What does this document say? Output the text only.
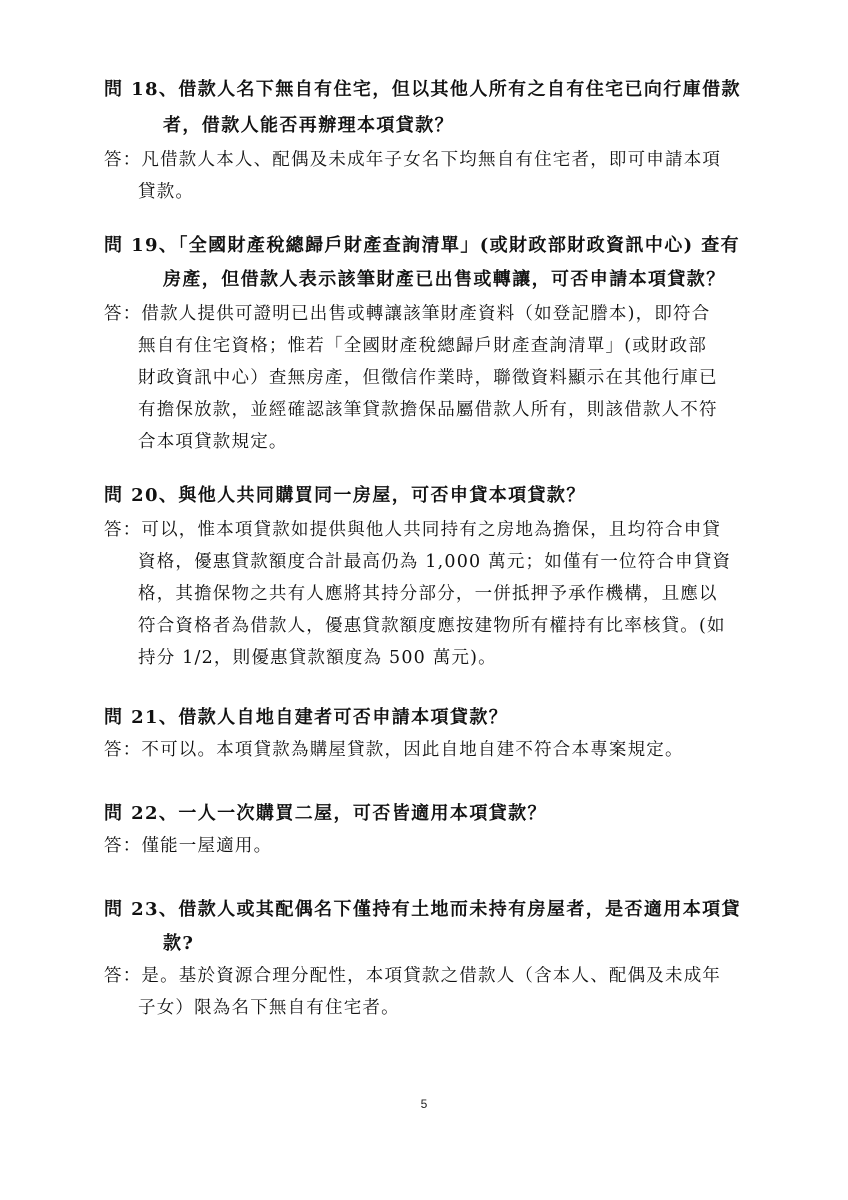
問 18、借款人名下無自有住宅，但以其他人所有之自有住宅已向行庫借款
者，借款人能否再辦理本項貸款？
答：凡借款人本人、配偶及未成年子女名下均無自有住宅者，即可申請本項
貸款。
問 19、「全國財產稅總歸戶財產查詢清單」(或財政部財政資訊中心) 查有
房產，但借款人表示該筆財產已出售或轉讓，可否申請本項貸款？
答：借款人提供可證明已出售或轉讓該筆財產資料（如登記謄本)，即符合
無自有住宅資格；惟若「全國財產稅總歸戶財產查詢清單」(或財政部
財政資訊中心）查無房產，但徵信作業時，聯徵資料顯示在其他行庫已
有擔保放款，並經確認該筆貸款擔保品屬借款人所有，則該借款人不符
合本項貸款規定。
問 20、與他人共同購買同一房屋，可否申貸本項貸款？
答：可以，惟本項貸款如提供與他人共同持有之房地為擔保，且均符合申貸
資格，優惠貸款額度合計最高仍為 1,000 萬元；如僅有一位符合申貸資
格，其擔保物之共有人應將其持分部分，一併抵押予承作機構，且應以
符合資格者為借款人，優惠貸款額度應按建物所有權持有比率核貸。(如
持分 1/2，則優惠貸款額度為 500 萬元)。
問 21、借款人自地自建者可否申請本項貸款？
答：不可以。本項貸款為購屋貸款，因此自地自建不符合本專案規定。
問 22、一人一次購買二屋，可否皆適用本項貸款？
答：僅能一屋適用。
問 23、借款人或其配偶名下僅持有土地而未持有房屋者，是否適用本項貸
款?
答：是。基於資源合理分配性，本項貸款之借款人（含本人、配偶及未成年
子女）限為名下無自有住宅者。
5
